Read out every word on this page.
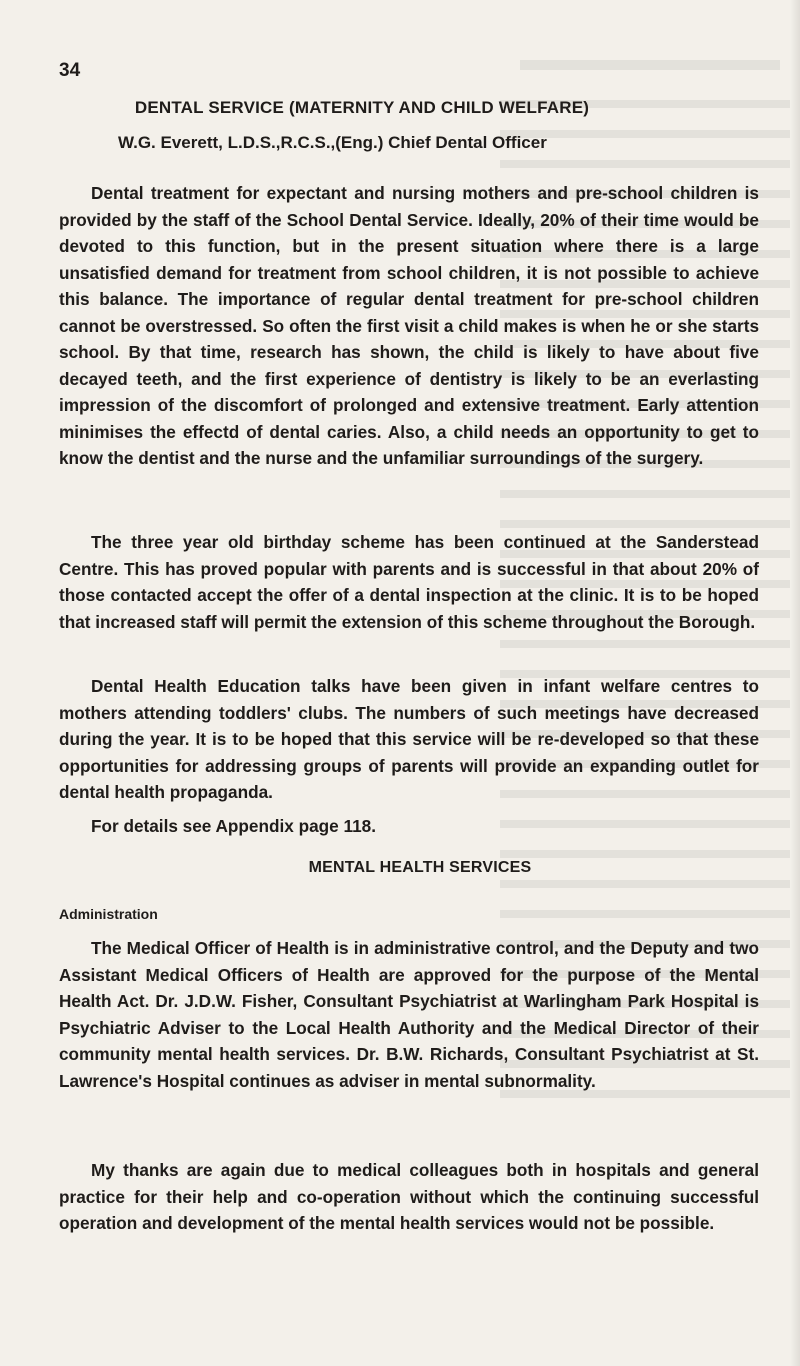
34
DENTAL SERVICE (MATERNITY AND CHILD WELFARE)
W.G. Everett, L.D.S.,R.C.S.,(Eng.) Chief Dental Officer

Dental treatment for expectant and nursing mothers and pre-school children is provided by the staff of the School Dental Service. Ideally, 20% of their time would be devoted to this function, but in the present situation where there is a large unsatisfied demand for treatment from school children, it is not possible to achieve this balance. The importance of regular dental treatment for pre-school children cannot be overstressed. So often the first visit a child makes is when he or she starts school. By that time, research has shown, the child is likely to have about five decayed teeth, and the first experience of dentistry is likely to be an everlasting impression of the discomfort of prolonged and extensive treatment. Early attention minimises the effectd of dental caries. Also, a child needs an opportunity to get to know the dentist and the nurse and the unfamiliar surroundings of the surgery.

The three year old birthday scheme has been continued at the Sanderstead Centre. This has proved popular with parents and is successful in that about 20% of those contacted accept the offer of a dental inspection at the clinic. It is to be hoped that increased staff will permit the extension of this scheme throughout the Borough.

Dental Health Education talks have been given in infant welfare centres to mothers attending toddlers' clubs. The numbers of such meetings have decreased during the year. It is to be hoped that this service will be re-developed so that these opportunities for addressing groups of parents will provide an expanding outlet for dental health propaganda.

For details see Appendix page 118.
MENTAL HEALTH SERVICES
Administration

The Medical Officer of Health is in administrative control, and the Deputy and two Assistant Medical Officers of Health are approved for the purpose of the Mental Health Act. Dr. J.D.W. Fisher, Consultant Psychiatrist at Warlingham Park Hospital is Psychiatric Adviser to the Local Health Authority and the Medical Director of their community mental health services. Dr. B.W. Richards, Consultant Psychiatrist at St. Lawrence's Hospital continues as adviser in mental subnormality.

My thanks are again due to medical colleagues both in hospitals and general practice for their help and co-operation without which the continuing successful operation and development of the mental health services would not be possible.
